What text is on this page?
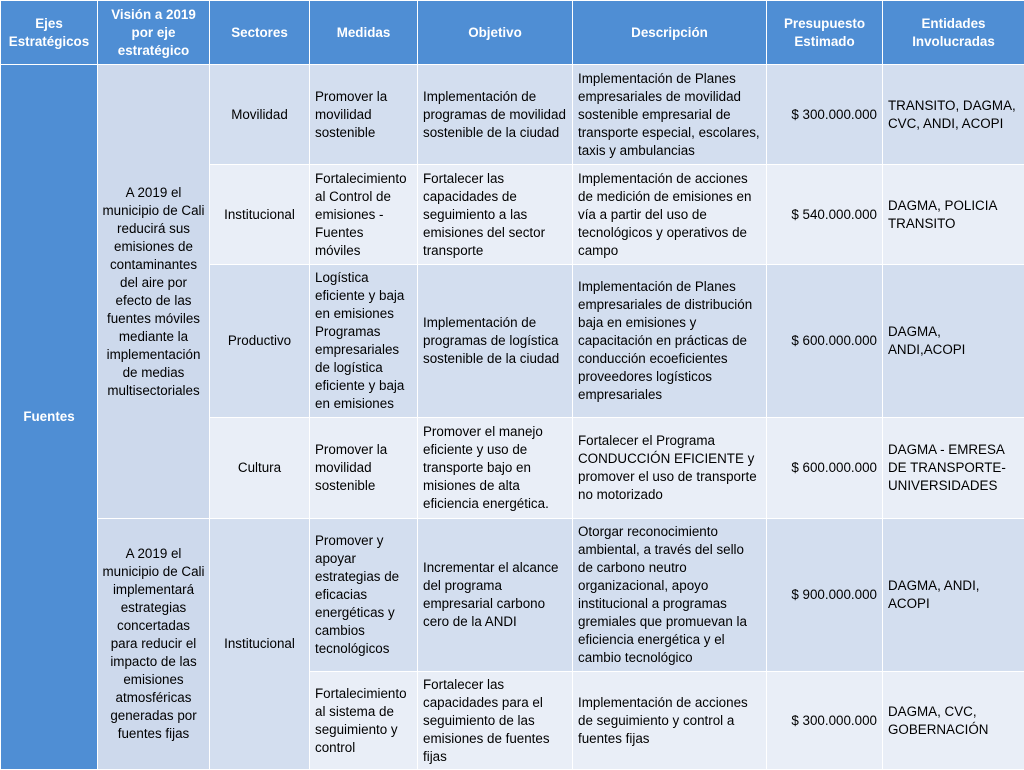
Ejes Estratégicos	Visión a 2019 por eje estratégico	Sectores	Medidas	Objetivo	Descripción	Presupuesto Estimado	Entidades Involucradas
Fuentes	A 2019 el municipio de Cali reducirá sus emisiones de contaminantes del aire por efecto de las fuentes móviles mediante la implementación de medias multisectoriales	Movilidad	Promover la movilidad sostenible	Implementación de programas de movilidad sostenible de la ciudad	Implementación de Planes empresariales de movilidad sostenible empresarial de transporte especial, escolares, taxis y ambulancias	$ 300.000.000	TRANSITO, DAGMA, CVC, ANDI, ACOPI
		Institucional	Fortalecimiento al Control de emisiones - Fuentes móviles	Fortalecer las capacidades de seguimiento a las emisiones del sector transporte	Implementación de acciones de medición de emisiones en vía a partir del uso de tecnológicos y operativos de campo	$ 540.000.000	DAGMA, POLICIA TRANSITO
		Productivo	Logística eficiente y baja en emisiones Programas empresariales de logística eficiente y baja en emisiones	Implementación de programas de logística sostenible de la ciudad	Implementación de Planes empresariales de distribución baja en emisiones y capacitación en prácticas de conducción ecoeficientes proveedores logísticos empresariales	$ 600.000.000	DAGMA, ANDI,ACOPI
		Cultura	Promover la movilidad sostenible	Promover el manejo eficiente y uso de transporte bajo en misiones de alta eficiencia energética.	Fortalecer el Programa CONDUCCIÓN EFICIENTE y promover el uso de transporte no motorizado	$ 600.000.000	DAGMA - EMRESA DE TRANSPORTE-UNIVERSIDADES
	A 2019 el municipio de Cali implementará estrategias concertadas para reducir el impacto de las emisiones atmosféricas generadas por fuentes fijas	Institucional	Promover y apoyar estrategias de eficacias energéticas y cambios tecnológicos	Incrementar el alcance del programa empresarial carbono cero de la ANDI	Otorgar reconocimiento ambiental, a través del sello de carbono neutro organizacional, apoyo institucional a programas gremiales que promuevan la eficiencia energética y el cambio tecnológico	$ 900.000.000	DAGMA, ANDI, ACOPI
			Fortalecimiento al sistema de seguimiento y control	Fortalecer las capacidades para el seguimiento de las emisiones de fuentes fijas	Implementación de acciones de seguimiento y control a fuentes fijas	$ 300.000.000	DAGMA, CVC, GOBERNACIÓN
